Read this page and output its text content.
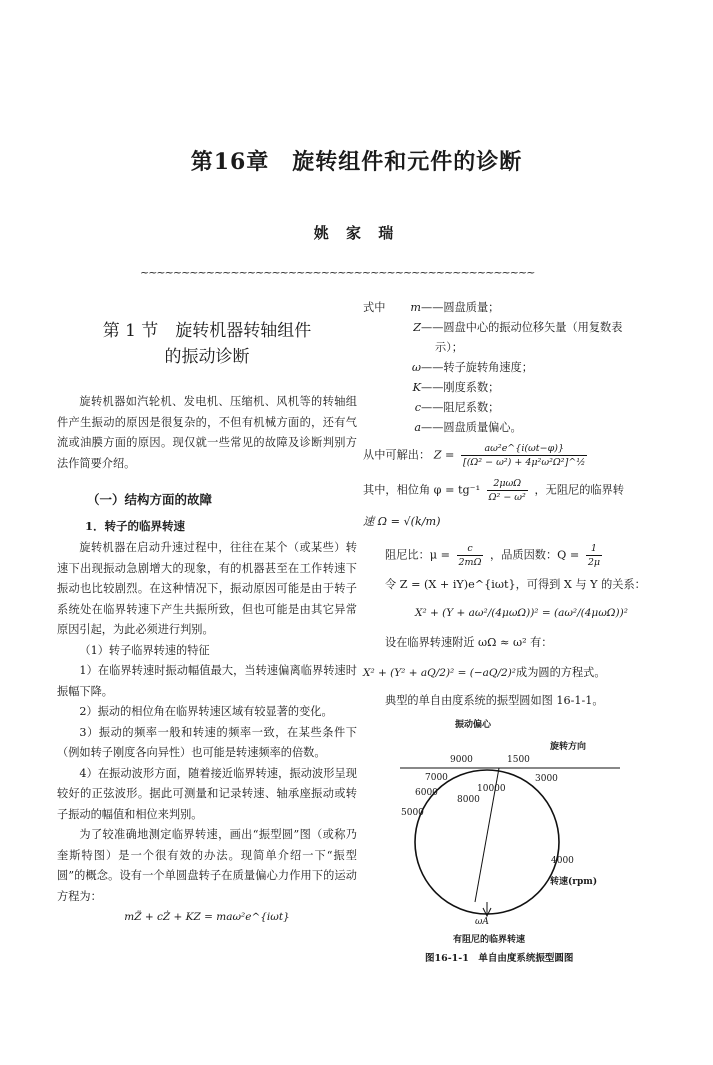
第16章　旋转组件和元件的诊断
姚 家 瑞
~~~~~~~~~~~~~~~~~~~~~~~~~~~~~~~~~~~~~~~~~~~~~~~~
第 1 节　旋转机器转轴组件
的振动诊断

旋转机器如汽轮机、发电机、压缩机、风机等的转轴组件产生振动的原因是很复杂的，不但有机械方面的，还有气流或油膜方面的原因。现仅就一些常见的故障及诊断判别方法作简要介绍。

（一）结构方面的故障
1．转子的临界转速

旋转机器在启动升速过程中，往往在某个（或某些）转速下出现振动急剧增大的现象，有的机器甚至在工作转速下振动也比较剧烈。在这种情况下，振动原因可能是由于转子系统处在临界转速下产生共振所致，但也可能是由其它异常原因引起，为此必须进行判别。

（1）转子临界转速的特征

1）在临界转速时振动幅值最大，当转速偏离临界转速时振幅下降。

2）振动的相位角在临界转速区域有较显著的变化。

3）振动的频率一般和转速的频率一致，在某些条件下（例如转子刚度各向异性）也可能是转速频率的倍数。

4）在振动波形方面，随着接近临界转速，振动波形呈现较好的正弦波形。据此可测量和记录转速、轴承座振动或转子振动的幅值和相位来判别。

为了较准确地测定临界转速，画出“振型圆”图（或称乃奎斯特图）是一个很有效的办法。现简单介绍一下“振型圆”的概念。设有一个单圆盘转子在质量偏心力作用下的运动方程为：

mZ̈ + cŻ + KZ = maω²e^{iωt}
式中	m——圆盘质量；
Z——圆盘中心的振动位移矢量（用复数表
示）；
ω——转子旋转角速度；
K——刚度系数；
c——阻尼系数；
a——圆盘质量偏心。
从中可解出： $Z = \frac{\text{aω²e\textasciicircum{}\{i(ωt−φ)\}}}{\text{[(Ω² − ω²) + 4μ²ω²Ω²]\textasciicircum{}½}}$
其中，相位角 $\varphi = tg^{-1} \frac{\text{2μωΩ}}{\text{Ω² − ω²}}$ ，无阻尼的临界转
速 Ω = √(k/m)
阻尼比：$\mu = \frac{c}{2m\Omega}$ ，品质因数：$Q = \frac{1}{2\mu}$
令 Z = (X + iY)e^{iωt}，可得到 X 与 Y 的关系：
X² + (Y + aω²/(4μωΩ))² = (aω²/(4μωΩ))²
设在临界转速附近 ωΩ ≈ ω² 有：
X² + (Y² + aQ/2)² = (−aQ/2)²成为圆的方程式。
典型的单自由度系统的振型圆如图 16-1-1。
振动偏心
旋转方向
9000	1500
7000
10000
3000
6000
8000
5000
4000
转速(rpm)
ωA
有阻尼的临界转速
图16-1-1　单自由度系统振型圆图
